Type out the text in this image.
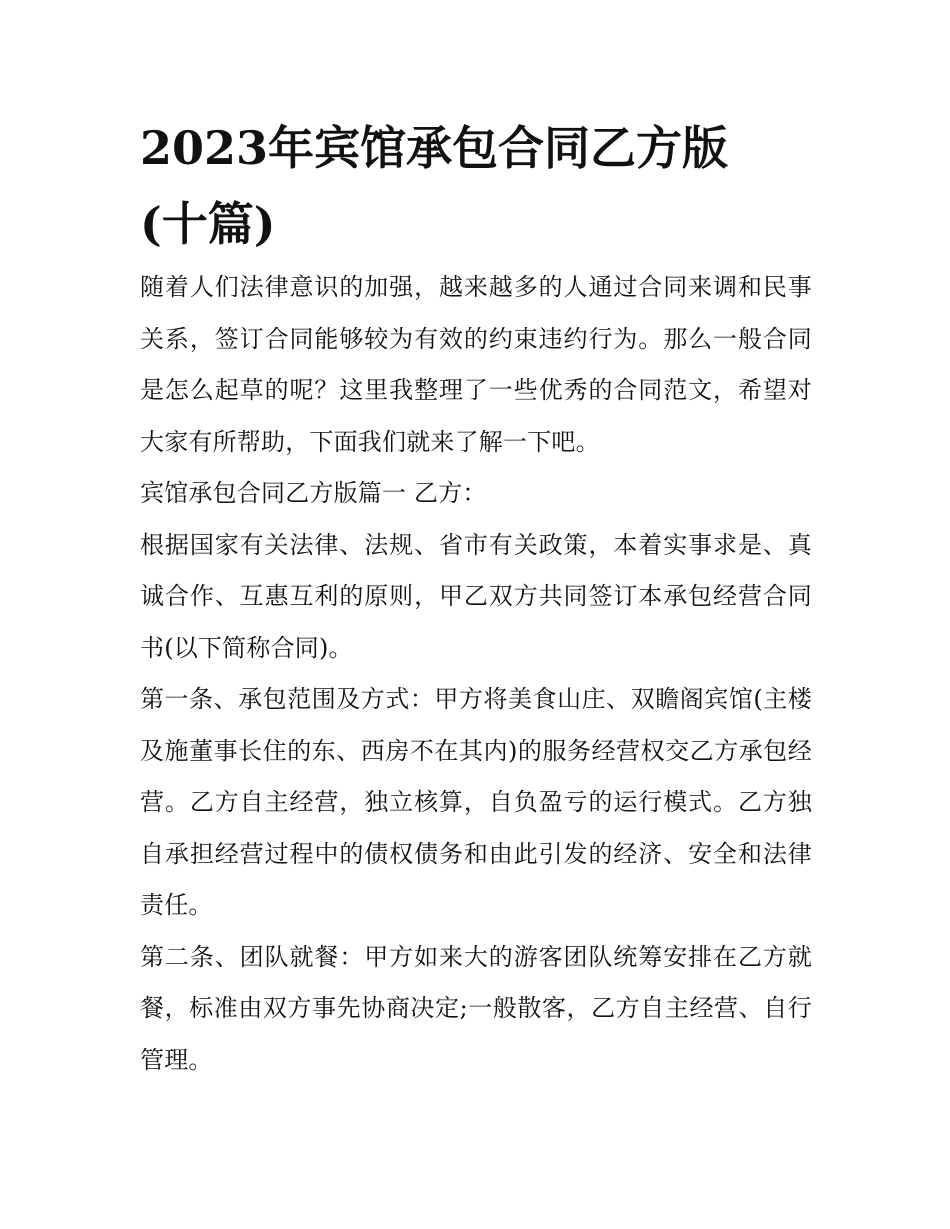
2023年宾馆承包合同乙方版
(十篇)

随着人们法律意识的加强，越来越多的人通过合同来调和民事关系，签订合同能够较为有效的约束违约行为。那么一般合同是怎么起草的呢？这里我整理了一些优秀的合同范文，希望对大家有所帮助，下面我们就来了解一下吧。

宾馆承包合同乙方版篇一 乙方：

根据国家有关法律、法规、省市有关政策，本着实事求是、真诚合作、互惠互利的原则，甲乙双方共同签订本承包经营合同书(以下简称合同)。

第一条、承包范围及方式：甲方将美食山庄、双瞻阁宾馆(主楼及施董事长住的东、西房不在其内)的服务经营权交乙方承包经营。乙方自主经营，独立核算，自负盈亏的运行模式。乙方独自承担经营过程中的债权债务和由此引发的经济、安全和法律责任。

第二条、团队就餐：甲方如来大的游客团队统筹安排在乙方就餐，标准由双方事先协商决定;一般散客，乙方自主经营、自行管理。
